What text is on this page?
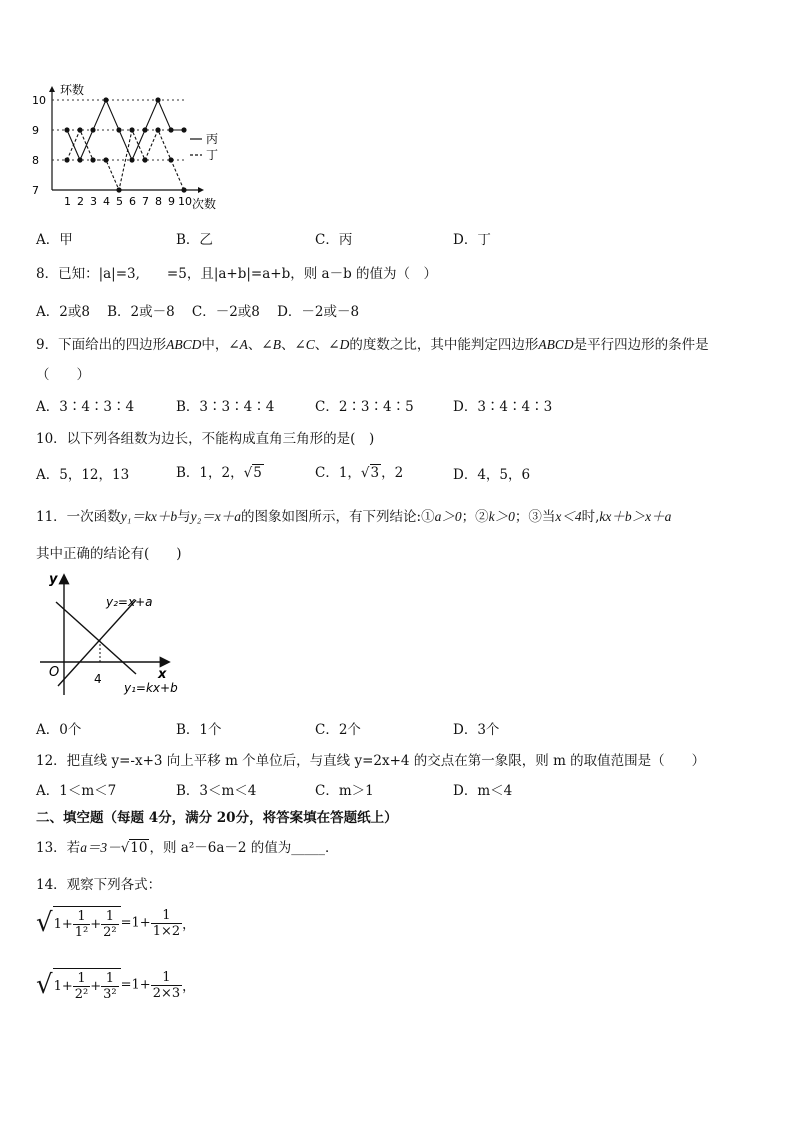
环数
次数
7
8
9
10
1 2 3 4 5 6 7 8 9 10
丙
丁
A．甲	B．乙	C．丙	D．丁
8．已知：|a|=3,　　=5，且|a+b|=a+b，则 a－b 的值为（　）
A．2或8 B．2或－8 C．－2或8 D．－2或－8
9．下面给出的四边形ABCD中，∠A、∠B、∠C、∠D的度数之比，其中能判定四边形ABCD是平行四边形的条件是
（　　）
A．3∶4∶3∶4	B．3∶3∶4∶4	C．2∶3∶4∶5	D．3∶4∶4∶3
10．以下列各组数为边长，不能构成直角三角形的是(　)
A．5，12，13	B．1，2，√5	C．1，√3 ，2	D．4，5，6
11．一次函数y₁＝kx＋b与y₂＝x＋a的图象如图所示，有下列结论:①a＞0；②k＞0；③当x＜4时,kx＋b＞x＋a
其中正确的结论有(　　)
y
x
O	4
y₂=x+a
y₁=kx+b
A．0个	B．1个	C．2个	D．3个
12．把直线 y=-x+3 向上平移 m 个单位后，与直线 y=2x+4 的交点在第一象限，则 m 的取值范围是（　　）
A．1＜m＜7	B．3＜m＜4	C．m＞1	D．m＜4
二、填空题（每题 4分，满分 20分，将答案填在答题纸上）
13．若a＝3－√10 ，则 a²－6a－2 的值为_____．
14．观察下列各式：
$√1+ \frac{1}{\text{1²}} + \frac{1}{\text{2²}} =1+ \frac{1}{1\times 2}$ ，
$√1+ \frac{1}{\text{2²}} + \frac{1}{\text{3²}} =1+ \frac{1}{2\times 3}$ ，
